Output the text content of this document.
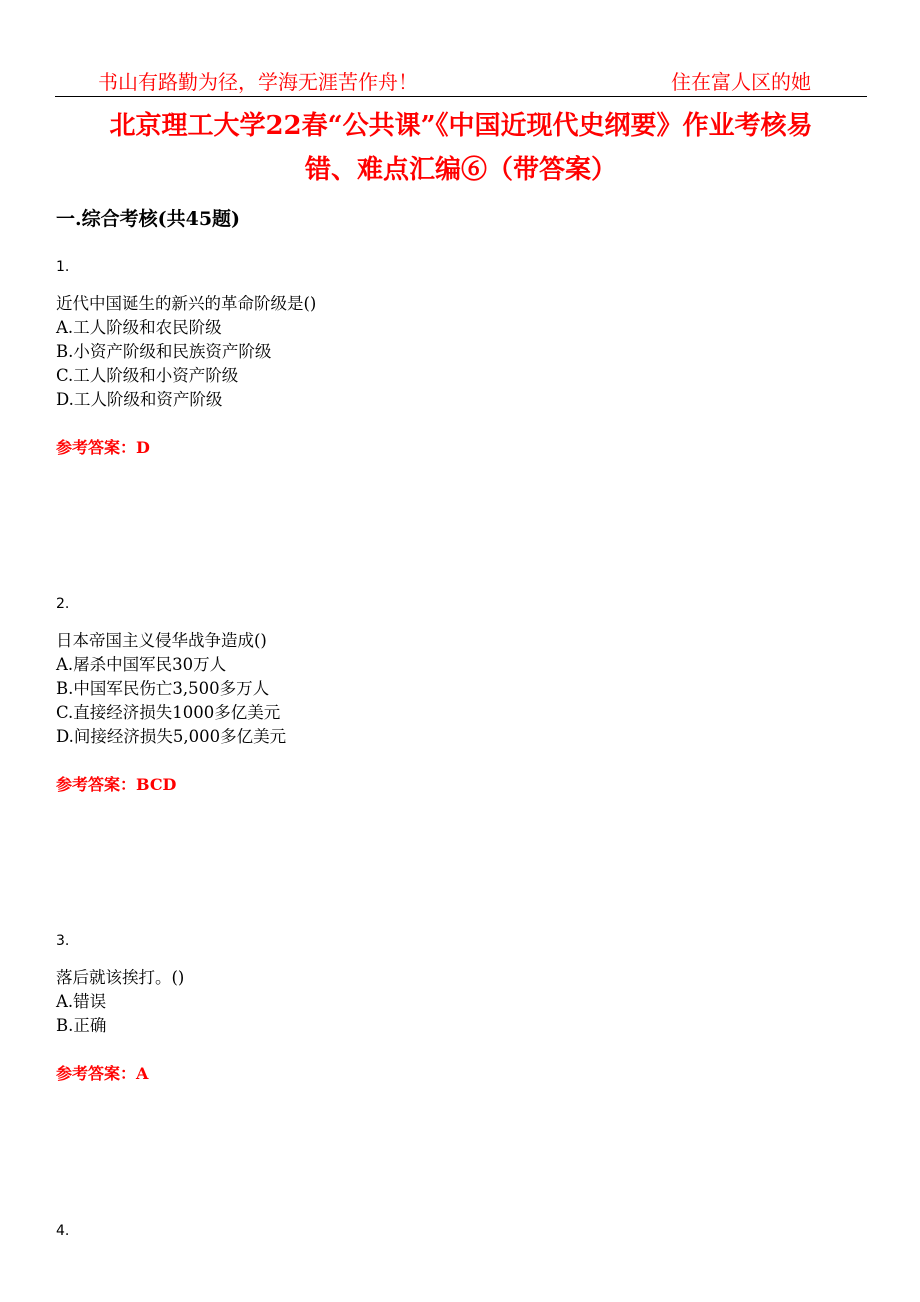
书山有路勤为径，学海无涯苦作舟！	住在富人区的她
北京理工大学22春“公共课”《中国近现代史纲要》作业考核易
错、难点汇编⑥（带答案）
一.综合考核(共45题)
1.
近代中国诞生的新兴的革命阶级是()
A.工人阶级和农民阶级
B.小资产阶级和民族资产阶级
C.工人阶级和小资产阶级
D.工人阶级和资产阶级
参考答案：D
2.
日本帝国主义侵华战争造成()
A.屠杀中国军民30万人
B.中国军民伤亡3,500多万人
C.直接经济损失1000多亿美元
D.间接经济损失5,000多亿美元
参考答案：BCD
3.
落后就该挨打。()
A.错误
B.正确
参考答案：A
4.
